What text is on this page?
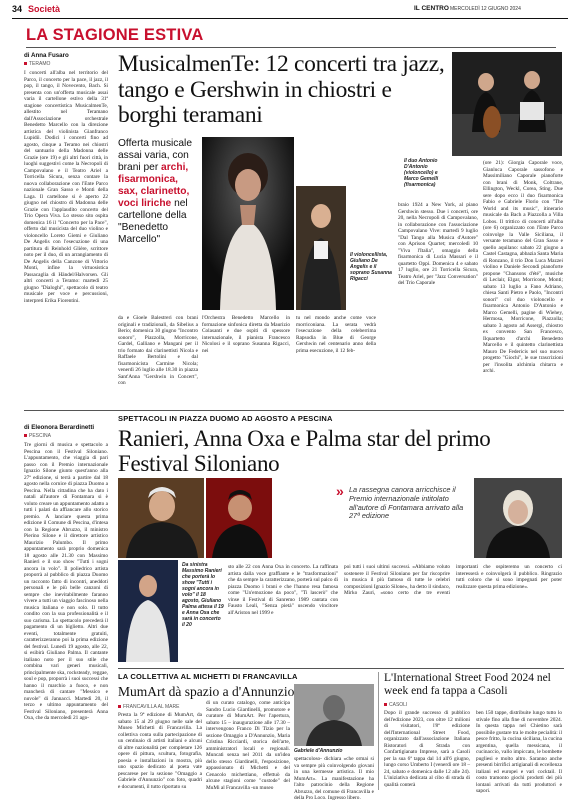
34 Società	IL CENTRO MERCOLEDÌ 12 GIUGNO 2024
LA STAGIONE ESTIVA
di Anna Fusaro
TERAMO
I concerti all'alba nel territorio del Parco, il concerto per la pace, il jazz, il pop, il tango, il Novecento, Bach. Si presenta con un'offerta musicale assai varia il cartellone estivo della 31ª stagione concertistica MusicalmenTe, allestito nel Teramano dall'Associazione orchestrale Benedetto Marcello con la direzione artistica del violinista Gianfranco Lupidii. Dodici i concerti fino ad agosto, cinque a Teramo nei chiostri del santuario della Madonna delle Grazie (ore 19) e gli altri fuori città, in luoghi suggestivi come la Necropoli di Campovalano e il Teatro Ariel a Torricella Sicura, senza contare la nuova collaborazione con l'Ente Parco nazionale Gran Sasso e Monti della Laga. Il cartellone si è aperto 22 giugno nel chiostro di Madonna delle Grazie con l'applaudito concerto del Trio Opera Viva. Lo stesso sito ospita domenica 16 il "Concerto per la Pace", offerto dal musicista del duo violino e violoncello Loreto Giemi e Giuliano De Angelis con l'esecuzione di una partitura di Reinhold Glière, scrittore noto per il duo, di un arrangiamento di De Angelis della Canzone di Vittorio Monti, infine la virtuosistica Passacaglia di Händel/Halvorsen. Gli altri concerti a Teramo: martedì 25 giugno "Dialoghi", spettacolo di teatro musicale per voce e percussioni, interpreti Erika Fiorentini.
MusicalmenTe: 12 concerti tra jazz, tango e Gershwin in chiostri e borghi teramani
Offerta musicale assai varia, con brani per archi, fisarmonica, sax, clarinetto, voci liriche nel cartellone della "Benedetto Marcello"
da e Gioele Balestreri con brani originali e tradizionali, da Sibelius a Berio; domenica 30 giugno "Incontro sonoro", Piazzolla, Morricone, Gardel, Galliano e Mangani per il trio formato dai clarinettisti Nicola e Raffaele Bertolini e dal fisarmonicista Carmine Nicola; venerdì 26 luglio alle 18.30 in piazza Sant'Anna "Gershwin in Concert", con
l'Orchestra Benedetto Marcello in formazione sinfonica diretta da Maurizio Colasanti e due ospiti di spessore internazionale, il pianista Francesco Nicolosi e il soprano Susanna Rigacci, nei
Il violoncellista, Giuliano De Angelis e il soprano Susanna Rigacci
tu nel mondo anche come voce morriconiana. La serata vedrà l'esecuzione della celeberrima Rapsodia in Blue di George Gershwin nel centenario anno della prima esecuzione, il 12 feb-
Il duo Antonio D'Antonio (violoncello) e Marco Gemelli (fisarmonica)
braio 1924 a New York, al piano Gershwin stesso. Due i concerti, ore 20, nella Necropoli di Campovalano, in collaborazione con l'associazione Campovalano Vive: martedì 9 luglio "Dal Tango alla Musica d'Autore" con Aprison Quartet; mercoledì 10 "Viva l'Italia", omaggio della fisarmonica di Lucia Massari e il quartetto Oppi. Domenica 4 e sabato 17 luglio, ore 21 Torricella Sicura, Teatro Ariel, per "Jazz Conversation" del Trio Caporale
(ore 21): Giorgia Caporale voce, Gianluca Caporale sassofono e Massimiliano Caporale pianoforte con brani di Monk, Coltrane, Ellington, Weckl, Corea, Sting. Due sere dopo ecco il duo fisarmonica Fabio e Gabriele Florio con "The World and its music", itinerario musicale da Bach a Piazzolla a Villa Lobos. Il trittico di concerti all'alba (ore 6) organizzato con l'Ente Parco coinvolge la Valle Siciliana, il versante teramano del Gran Sasso e quello aquilano: sabato 22 giugno a Castel Castagna, abbazia Santa Maria di Ronzano, il trio Don Luca Mazzei violino e Daniele Secondi pianoforte propone "Chansons d'été", musiche di Leclair, Elgar, Morricone, Monti; sabato 13 luglio a Fano Adriano, chiesa Santi Pietro e Paolo, "Incontri sonori" col duo violoncello e fisarmonica Antonio D'Antonio e Marco Gemelli, pagine di Wiehey, Hermosa, Morricone, Piazzolla; sabato 3 agosto ad Assergi, chiostro ex convento San Francesco, Ilquartetto d'archi Benedetto Marcello e il quintetto clarinettista Mauro De Federicis nel suo nuovo progetto "Giochi", le sue trascrizioni per l'insolita alchimia chitarra e archi.
di Eleonora Berardinetti
PESCINA
Tre giorni di musica e spettacolo a Pescina con il Festival Siloniano. L'appuntamento, che viaggia di pari passo con il Premio internazionale Ignazio Silone giunto quest'anno alla 27ª edizione, si terrà a partire dal 18 agosto nella cornice di piazza Duomo a Pescina. Nella cittadina che ha dato i natali all'autore di Fontamara si è voluto creare un appuntamento adatto a tutti i palati da affiancare allo storico premio. A lanciare questa prima edizione il Comune di Pescina, d'intesa con la Regione Abruzzo, il ministro Pierino Silone e il direttore artistico Maurizio Palumbo. Il primo appuntamento sarà proprio domenica 18 agosto alle 21.30 con Massimo Ranieri e il suo show "Tutti i sogni ancora in volo". Il poliedrico artista proporrà al pubblico di piazza Duomo un racconto fatto di incontri, aneddoti personali e le più belle canzoni di sempre che inevitabilmente faranno vivere a tutti un viaggio fascinoso nella musica italiana e non solo. Il tutto condito con la sua professionalità e il suo carisma. Lo spettacolo precederà il pagamento di un biglietto. Altri due eventi, totalmente gratuiti, caratterizzeranno poi la prima edizione del festival. Lunedì 19 agosto, alle 22, si esibirà Giuliano Palma. Il cantante italiano noto per il suo stile che combina vari generi musicali, principalmente ska, rocksteady, reggae, soul e pop, proporrà i suoi successi che hanno il marchio a fuoco, e non mancherà di cantare "Messico e nuvole" di Jannacci. Martedì 20, il terzo e ultimo appuntamento del Festival Siloniano, presenterà Anna Oxa, che da mercoledì 21 ago-
SPETTACOLI IN PIAZZA DUOMO AD AGOSTO A PESCINA
Ranieri, Anna Oxa e Palma star del primo Festival Siloniano
» La rassegna canora arricchisce il Premio internazionale intitolato all'autore di Fontamara arrivato alla 27ª edizione
Da sinistra Massimo Ranieri che porterà lo show "Tutti i sogni ancora in volo" il 18 agosto, Giuliano Palma attesa il 19 e Anna Oxa che sarà in concerto il 20
sto alle 22 con Anna Oxa in concerto. La raffinata artista dalla voce graffiante e le "trasformazioni" che da sempre la caratterizzano, porterà sul palco di piazza Duomo i brani e che l'hanno resa famosa come "Un'emozione da poco", "Ti lascerò" che vinse il Festival di Sanremo 1989 cantata con Fausto Leali, "Senza pietà" uscendo vincitore all'Ariston nel 1999 e
poi tutti i suoi ultimi successi. «Abbiamo voluto sostenere il Festival Siloniano per far riscoprire in musica il più famoso di tutte le celebri composizioni Ignazio Silone», ha detto il sindaco, Mirko Zauri, «sono certo che tre eventi importanti che ospiteremo un concerto ci interesserà e coinvolgerà il pubblico. Ringrazio tutti coloro che si sono impegnati per poter realizzare questa prima edizione».
LA COLLETTIVA AL MICHETTI DI FRANCAVILLA
MumArt dà spazio a d'Annunzio
FRANCAVILLA AL MARE
Presta la 9ª edizione di MumArt, da sabato 15 al 29 giugno nelle sale del Museo Michetti di Francavilla. La collettiva conta sulla partecipazione di un centinaio di artisti italiani e alcuni di altre nazionalità per completare 126 opere di pittura, scultura, fotografia, poesia e installazioni in mostra, più uno spazio dedicato al poeta vate pescarese per la sezione "Omaggio a Gabriele d'Annunzio" con foto, quadri e documenti, il tutto riportato su
di un curato catalogo, come anticipa Sandro Lucio Giardinelli, promotore e curatore di MumArt. Per l'apertura, sabato 15 – inaugurazione alle 17.30 – intervengono Franco Di Tizio per la sezione Omaggio a D'Annunzio, Maria Cristina Ricciardi, storica dell'arte, amministratori locali e regionali. Muncati senza nel 2011 da un'idea dello stesso Giardinelli, l'esposizione, appassionato di Michetti e del Cenacolo michettiano, effettuò da alcune stagioni come "custode" del MuMi al Francavilla -un museo
Gabriele d'Annunzio
spettacoloso- dichiara «che ormai si va sempre più coinvolgendo giovani in una kermesse artistica. Il mio MumArt». La manifestazione ha l'alto patrocinio della Regione Abruzzo, del comune di Francavilla e della Pro Loco. Ingresso libero.
L'International Street Food 2024 nel week end fa tappa a Casoli
CASOLI
Dopo il grande successo di pubblico dell'edizione 2023, con oltre 12 milioni di visitatori, l'8ª edizione dell'International Street Food, organizzato dall'associazione Italiana Ristoratori di Strada con Confartigianato Imprese, sarà a Casoli per la sua 6ª tappa dal 14 all'6 giugno, lungo corso Umberto I (venerdì ore 18 – 24, sabato e domenica dalle 12 alle 24). L'iniziativa dedicata al cibo di strada di qualità conterà
ben 150 tappe, distribuite lungo tutto lo stivale fino alla fine di novembre 2024. In questa tappa nel Chietino sarà possibile gustare tra le molte pecialità: il pesce fritto, la cucina siciliana, la cucina argentina, quella messicana, il cucinaccio, vallo impiccato, le bombette pugliesi e molto altro. Saranno anche presenti birrifici artigianali di eccellenza italiani ed europei e vari cocktail. Il costo tramonto giochi prodotti dei più lontani arrivati da tutti produttori e sapori.
